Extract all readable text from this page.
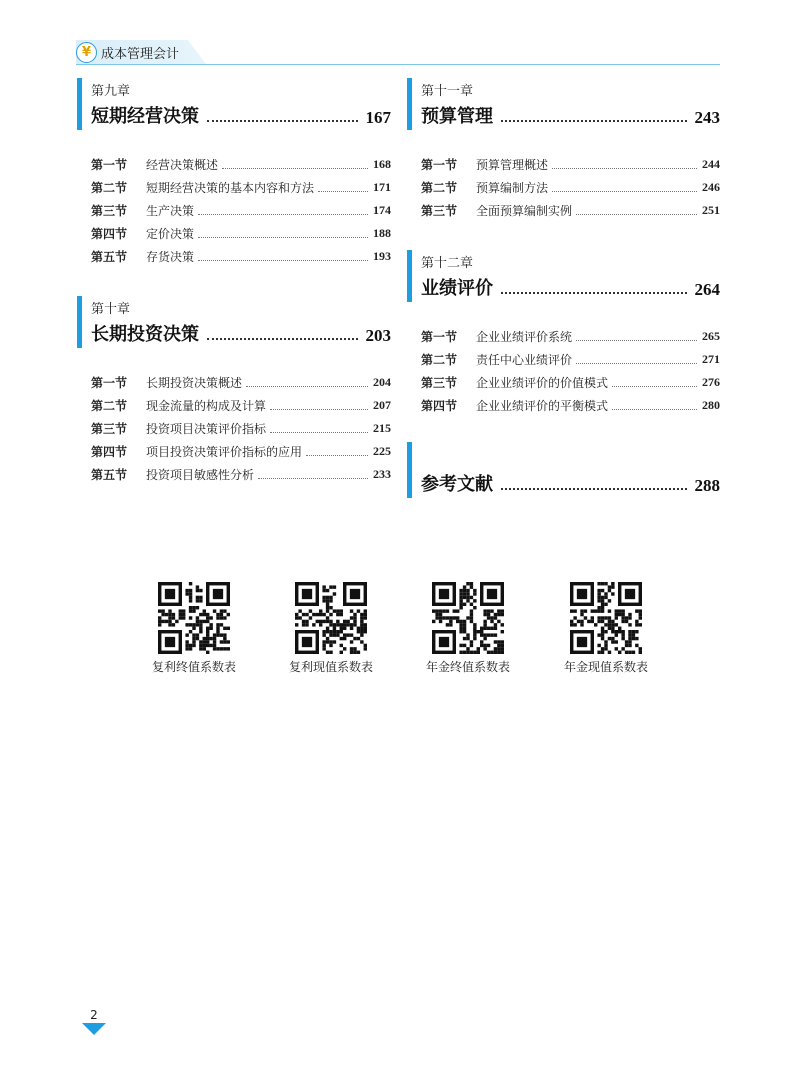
¥ 成本管理会计
第九章
短期经营决策	167
第一节	经营决策概述	168
第二节	短期经营决策的基本内容和方法	171
第三节	生产决策	174
第四节	定价决策	188
第五节	存货决策	193
第十章
长期投资决策	203
第一节	长期投资决策概述	204
第二节	现金流量的构成及计算	207
第三节	投资项目决策评价指标	215
第四节	项目投资决策评价指标的应用	225
第五节	投资项目敏感性分析	233
第十一章
预算管理	243
第一节	预算管理概述	244
第二节	预算编制方法	246
第三节	全面预算编制实例	251
第十二章
业绩评价	264
第一节	企业业绩评价系统	265
第二节	责任中心业绩评价	271
第三节	企业业绩评价的价值模式	276
第四节	企业业绩评价的平衡模式	280
参考文献	288
复利终值系数表	复利现值系数表	年金终值系数表	年金现值系数表
2
